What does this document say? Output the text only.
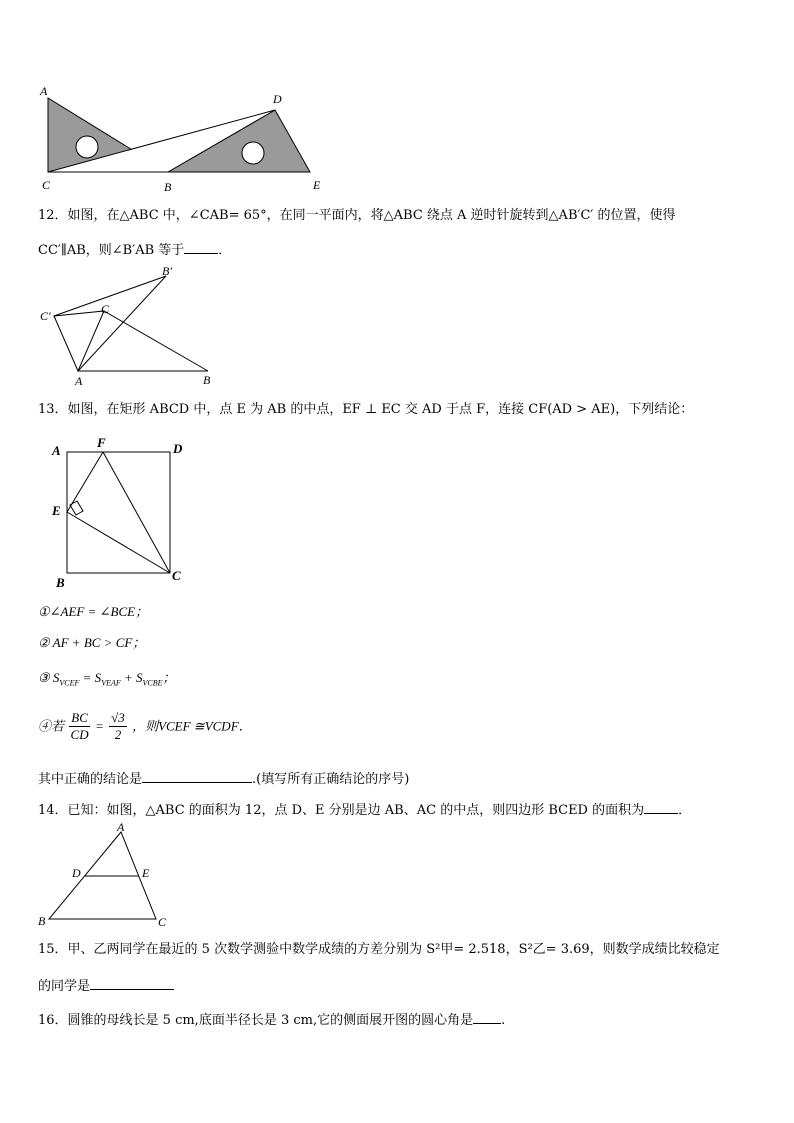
A
C	B
D
E
12．如图，在△ABC 中，∠CAB= 65°，在同一平面内，将△ABC 绕点 A 逆时针旋转到△AB′C′ 的位置，使得
CC′∥AB，则∠B′AB 等于	．
B′
C′	C
A	B
13．如图，在矩形 ABCD 中，点 E 为 AB 的中点，EF ⊥ EC 交 AD 于点 F，连接 CF(AD > AE)，下列结论：
A
F	D
E
B	C
①∠AEF = ∠BCE；
② AF + BC > CF；
③ $S_{VCEF} = S_{VEAF} + S_{VCBE}$；
④若 $\frac{BC}{CD} = \frac{√3}{2}$ ，则VCEF ≅VCDF．
其中正确的结论是	.(填写所有正确结论的序号)
14．已知：如图，△ABC 的面积为 12，点 D、E 分别是边 AB、AC 的中点，则四边形 BCED 的面积为	．
A
D	E
B	C
15．甲、乙两同学在最近的 5 次数学测验中数学成绩的方差分别为 S²甲= 2.518，S²乙= 3.69，则数学成绩比较稳定
的同学是
16．圆锥的母线长是 5 cm,底面半径长是 3 cm,它的侧面展开图的圆心角是 .
